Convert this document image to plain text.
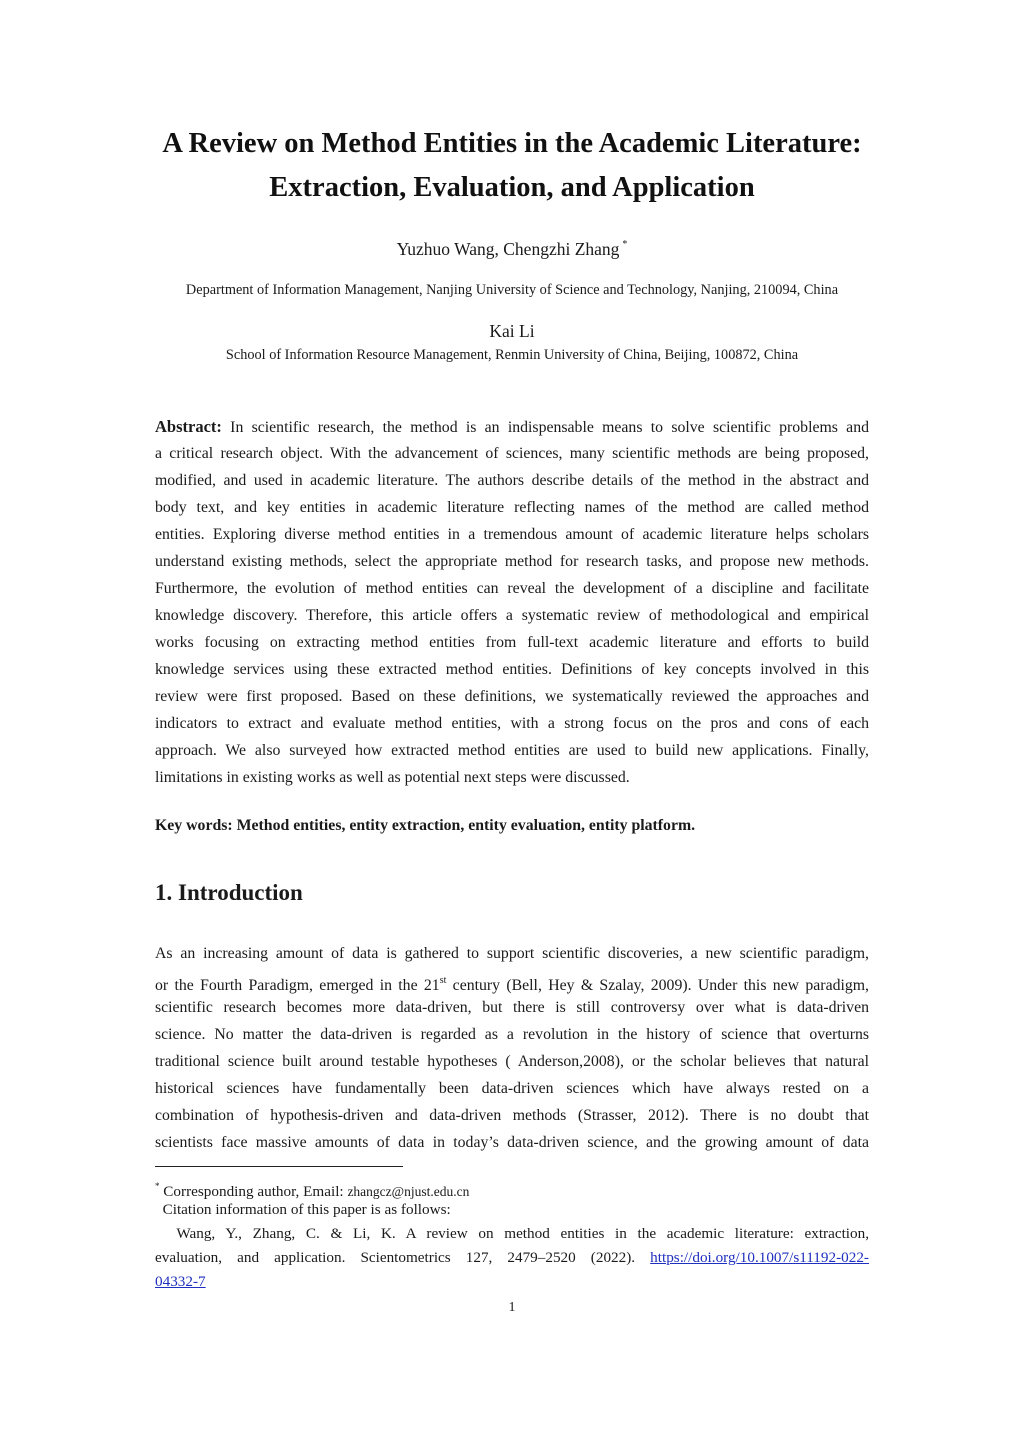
A Review on Method Entities in the Academic Literature:
Extraction, Evaluation, and Application
Yuzhuo Wang, Chengzhi Zhang *
Department of Information Management, Nanjing University of Science and Technology, Nanjing, 210094, China
Kai Li
School of Information Resource Management, Renmin University of China, Beijing, 100872, China
Abstract: In scientific research, the method is an indispensable means to solve scientific problems and
a critical research object. With the advancement of sciences, many scientific methods are being proposed,
modified, and used in academic literature. The authors describe details of the method in the abstract and
body text, and key entities in academic literature reflecting names of the method are called method
entities. Exploring diverse method entities in a tremendous amount of academic literature helps scholars
understand existing methods, select the appropriate method for research tasks, and propose new methods.
Furthermore, the evolution of method entities can reveal the development of a discipline and facilitate
knowledge discovery. Therefore, this article offers a systematic review of methodological and empirical
works focusing on extracting method entities from full-text academic literature and efforts to build
knowledge services using these extracted method entities. Definitions of key concepts involved in this
review were first proposed. Based on these definitions, we systematically reviewed the approaches and
indicators to extract and evaluate method entities, with a strong focus on the pros and cons of each
approach. We also surveyed how extracted method entities are used to build new applications. Finally,
limitations in existing works as well as potential next steps were discussed.
Key words: Method entities, entity extraction, entity evaluation, entity platform.
1. Introduction
As an increasing amount of data is gathered to support scientific discoveries, a new scientific paradigm,
or the Fourth Paradigm, emerged in the 21st century (Bell, Hey & Szalay, 2009). Under this new paradigm,
scientific research becomes more data-driven, but there is still controversy over what is data-driven
science. No matter the data-driven is regarded as a revolution in the history of science that overturns
traditional science built around testable hypotheses ( Anderson,2008), or the scholar believes that natural
historical sciences have fundamentally been data-driven sciences which have always rested on a
combination of hypothesis-driven and data-driven methods (Strasser, 2012). There is no doubt that
scientists face massive amounts of data in today’s data-driven science, and the growing amount of data
* Corresponding author, Email: zhangcz@njust.edu.cn
Citation information of this paper is as follows:
Wang, Y., Zhang, C. & Li, K. A review on method entities in the academic literature: extraction,
evaluation, and application. Scientometrics 127, 2479–2520 (2022). https://doi.org/10.1007/s11192-022-
04332-7
1
